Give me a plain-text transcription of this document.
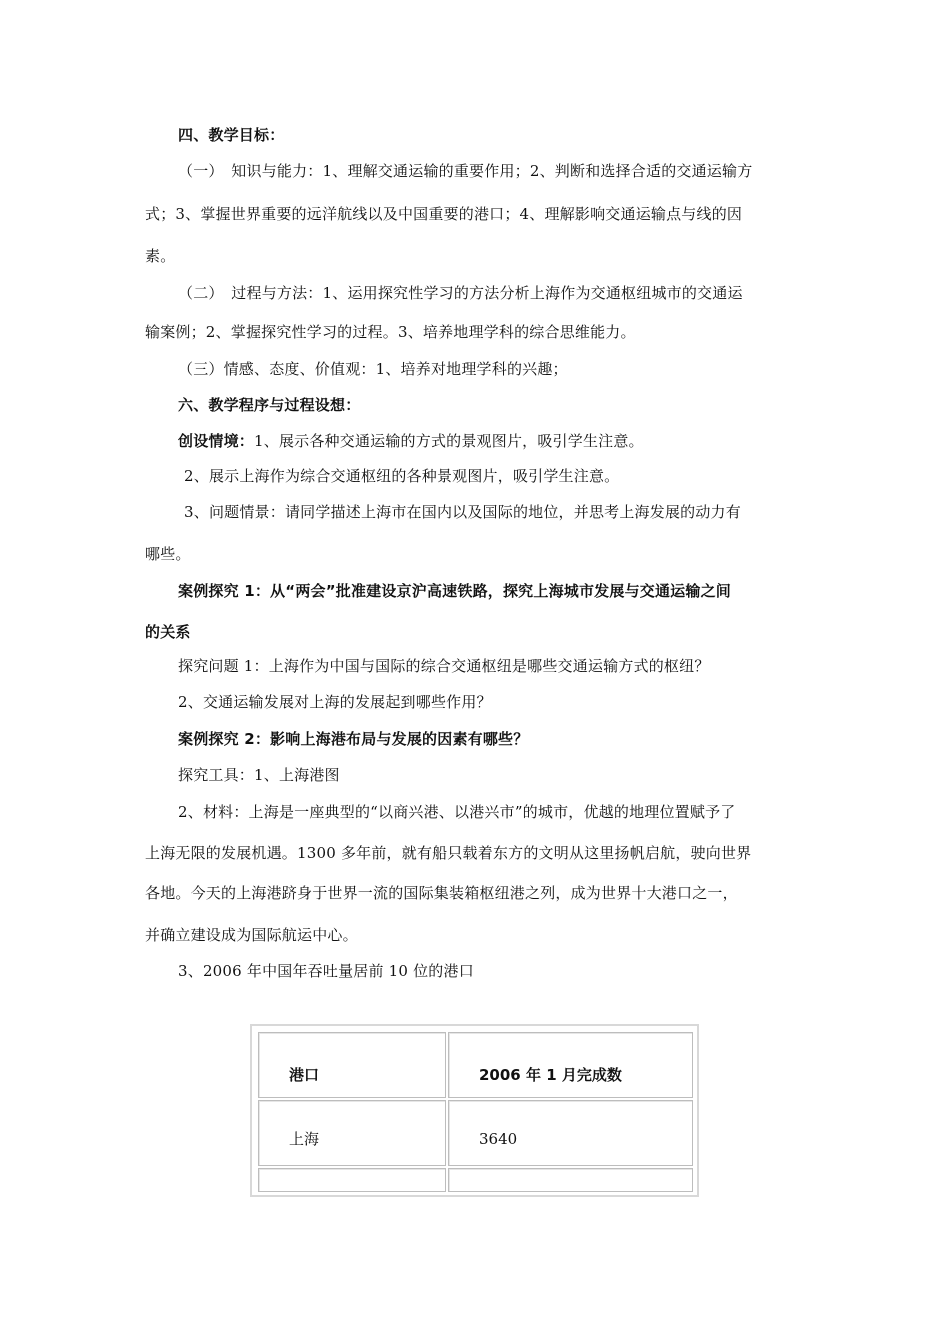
四、教学目标：
（一）　知识与能力：1、理解交通运输的重要作用；2、判断和选择合适的交通运输方
式；3、掌握世界重要的远洋航线以及中国重要的港口；4、理解影响交通运输点与线的因
素。
（二）　过程与方法：1、运用探究性学习的方法分析上海作为交通枢纽城市的交通运
输案例；2、掌握探究性学习的过程。3、培养地理学科的综合思维能力。
（三）情感、态度、价值观：1、培养对地理学科的兴趣；
六、教学程序与过程设想：
创设情境：1、展示各种交通运输的方式的景观图片，吸引学生注意。
2、展示上海作为综合交通枢纽的各种景观图片，吸引学生注意。
3、问题情景：请同学描述上海市在国内以及国际的地位，并思考上海发展的动力有
哪些。
案例探究 1：从“两会”批准建设京沪高速铁路，探究上海城市发展与交通运输之间
的关系
探究问题 1：上海作为中国与国际的综合交通枢纽是哪些交通运输方式的枢纽？
2、交通运输发展对上海的发展起到哪些作用？
案例探究 2：影响上海港布局与发展的因素有哪些？
探究工具：1、上海港图
2、材料：上海是一座典型的“以商兴港、以港兴市”的城市，优越的地理位置赋予了
上海无限的发展机遇。1300 多年前，就有船只载着东方的文明从这里扬帆启航，驶向世界
各地。今天的上海港跻身于世界一流的国际集装箱枢纽港之列，成为世界十大港口之一，
并确立建设成为国际航运中心。
3、2006 年中国年吞吐量居前 10 位的港口
港口	2006 年 1 月完成数
上海	3640
